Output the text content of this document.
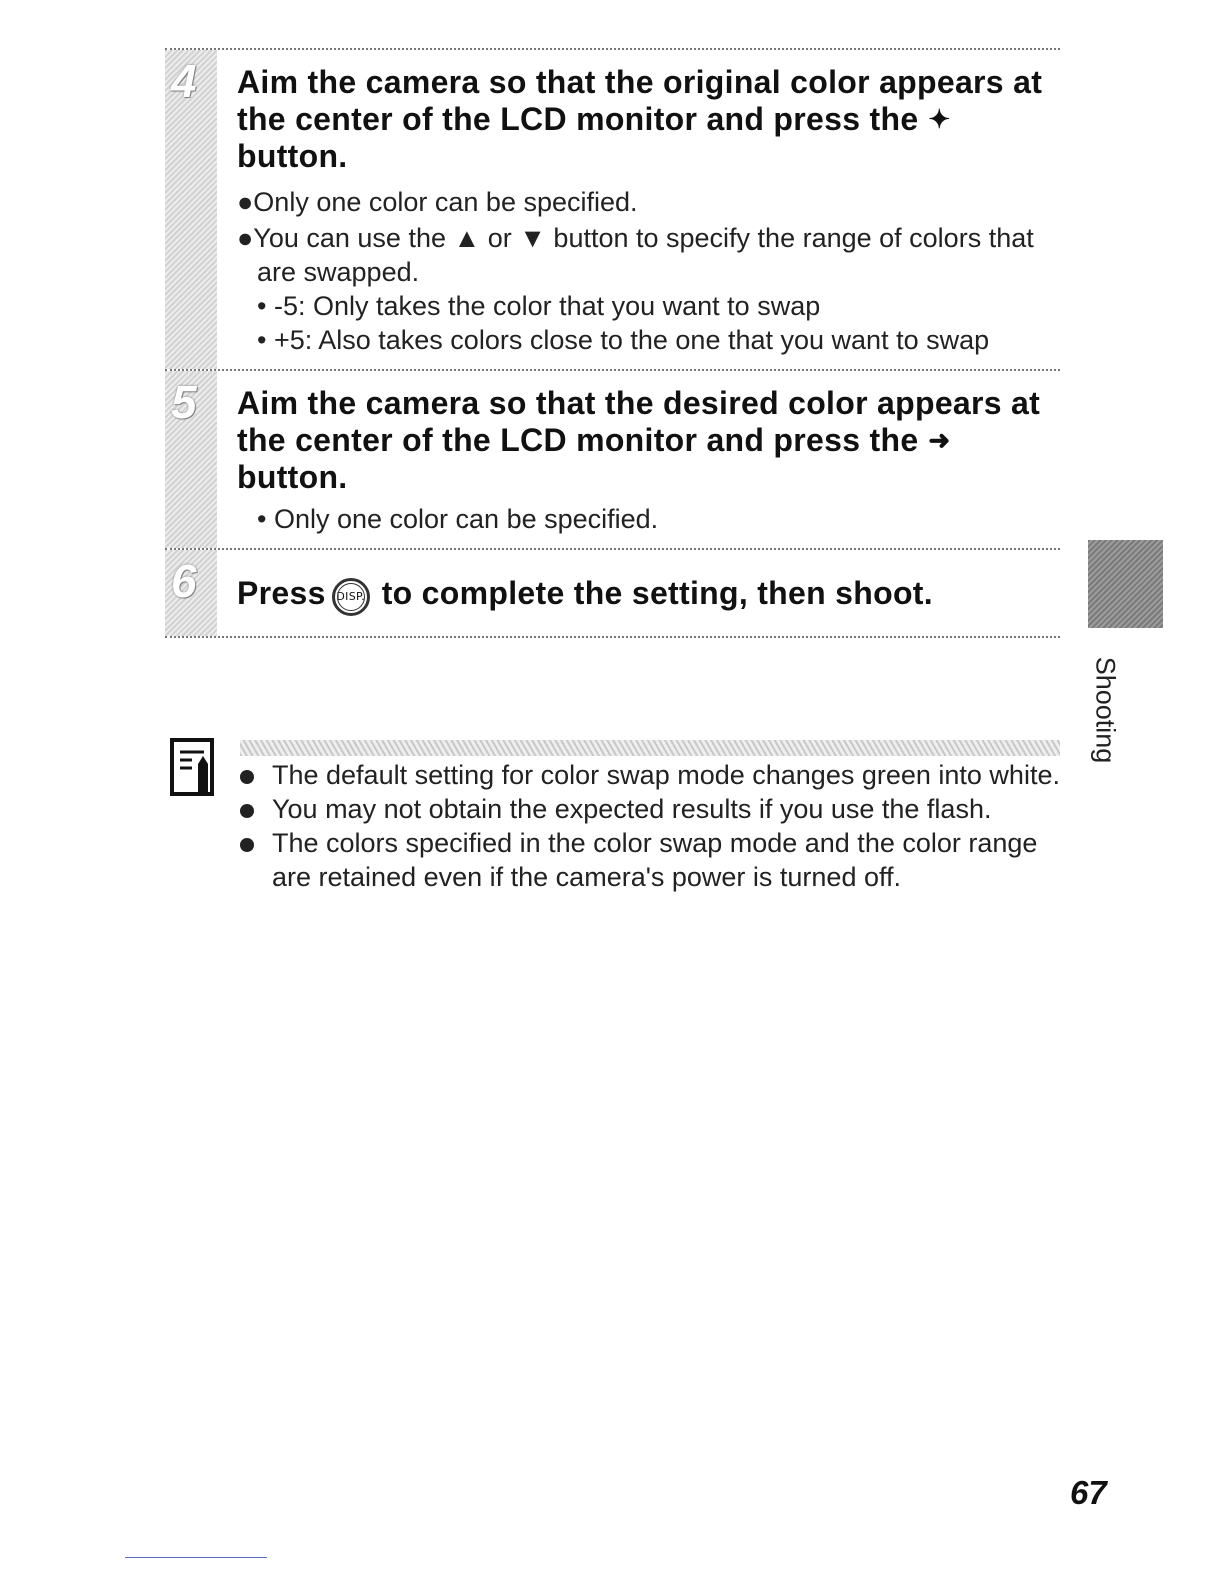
4 Aim the camera so that the original color appears at the center of the LCD monitor and press the ✦button.

●Only one color can be specified.
●You can use the ▲ or ▼ button to specify the range of colors that are swapped.
• -5: Only takes the color that you want to swap
• +5: Also takes colors close to the one that you want to swap
5 Aim the camera so that the desired color appears at the center of the LCD monitor and press the ➜button.

• Only one color can be specified.
6 Press DISP. to complete the setting, then shoot.

The default setting for color swap mode changes green into white.
You may not obtain the expected results if you use the flash.
The colors specified in the color swap mode and the color range are retained even if the camera's power is turned off.
Shooting
67
